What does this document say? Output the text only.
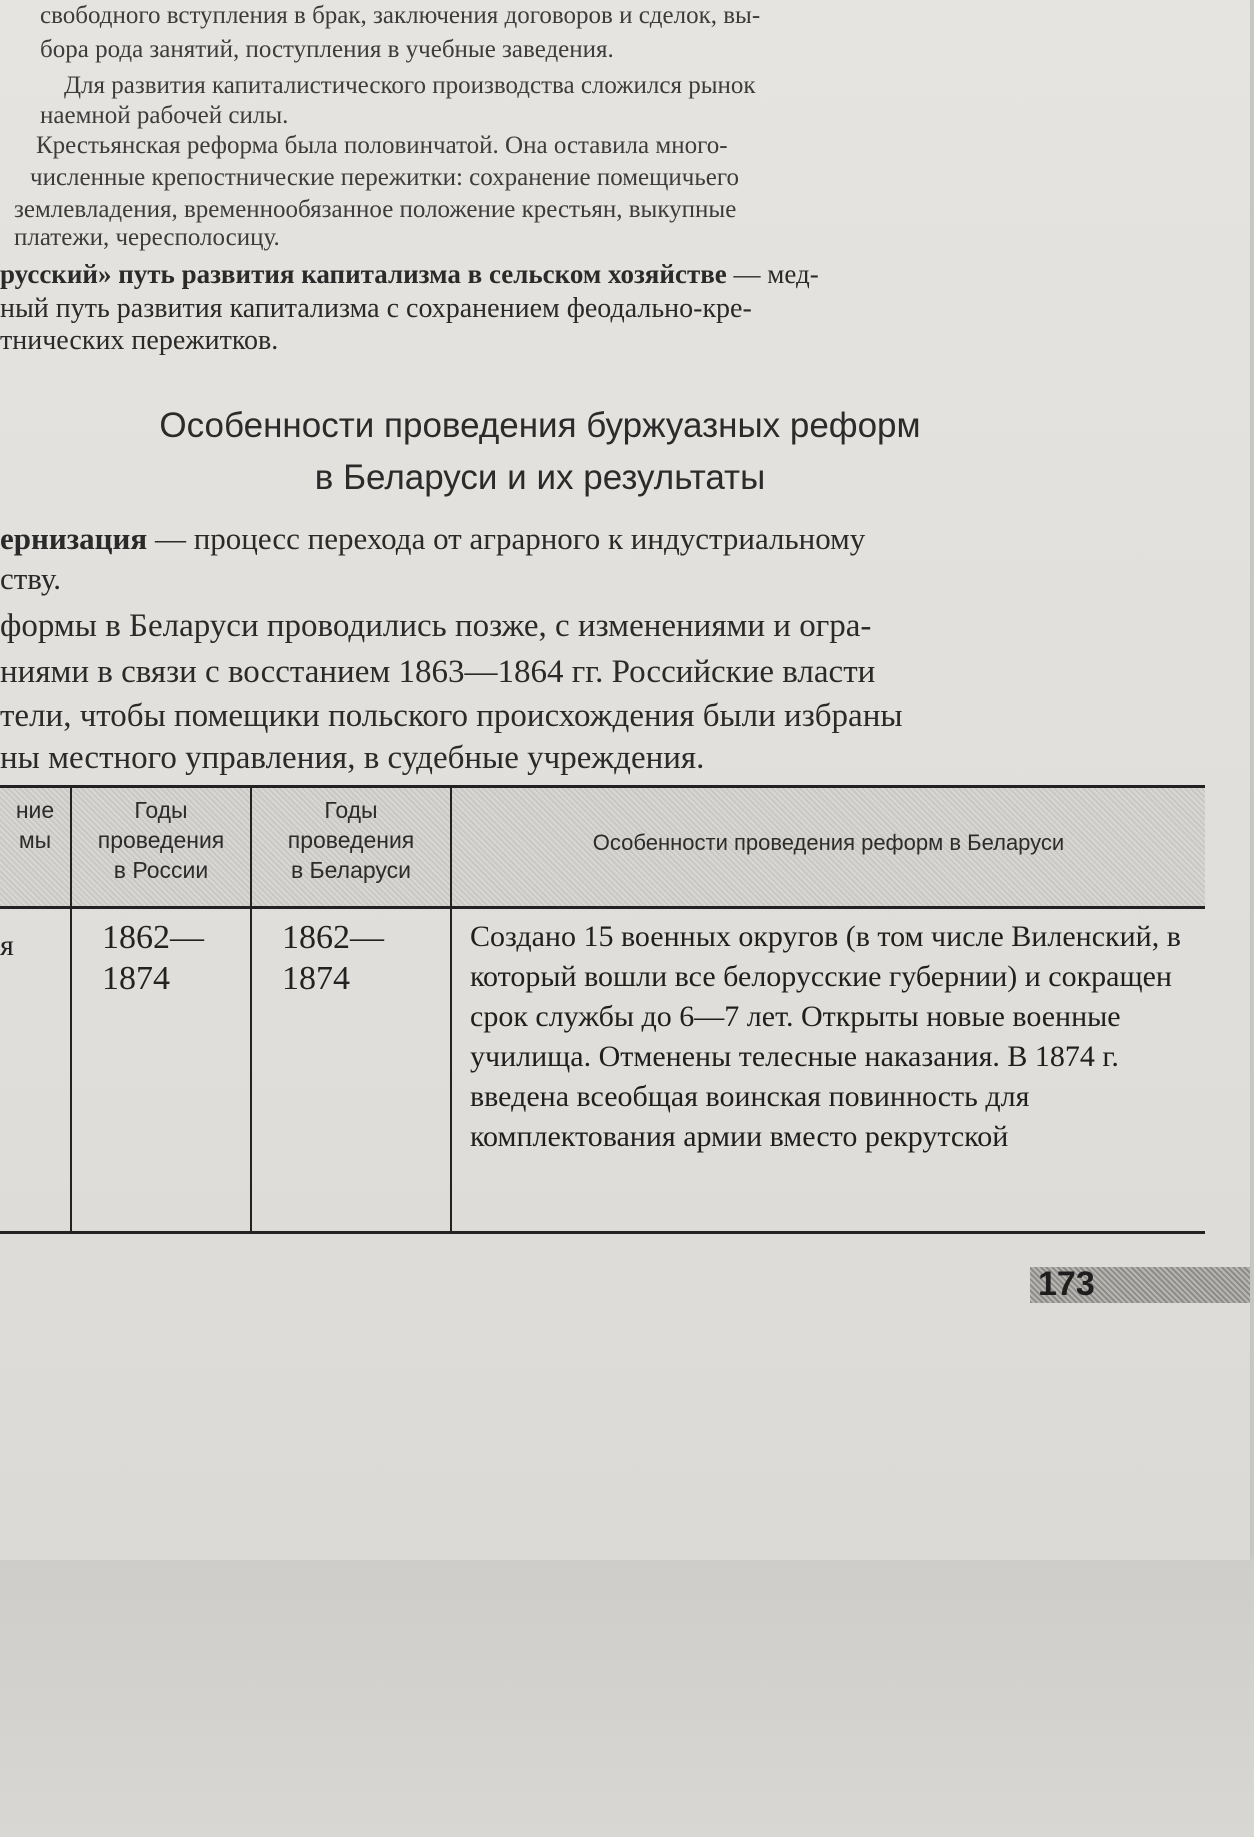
свободного вступления в брак, заключения договоров и сделок, вы-
бора рода занятий, поступления в учебные заведения.
Для развития капиталистического производства сложился рынок
наемной рабочей силы.
Крестьянская реформа была половинчатой. Она оставила много-
численные крепостнические пережитки: сохранение помещичьего
землевладения, временнообязанное положение крестьян, выкупные
платежи, чересполосицу.
русский» путь развития капитализма в сельском хозяйстве — мед-
ный путь развития капитализма с сохранением феодально-кре-
тнических пережитков.
Особенности проведения буржуазных реформ
в Беларуси и их результаты
ернизация — процесс перехода от аграрного к индустриальному
ству.
формы в Беларуси проводились позже, с изменениями и огра-
ниями в связи с восстанием 1863—1864 гг. Российские власти
тели, чтобы помещики польского происхождения были избраны
ны местного управления, в судебные учреждения.
ние
мы
Годы
проведения
в России
Годы
проведения
в Беларуси
Особенности проведения реформ в Беларуси
я	1862—
1874
1862—
1874
Создано 15 военных округов (в том числе Виленский, в который вошли все белорусские губернии) и сокращен срок службы до 6—7 лет. Открыты новые военные училища. Отменены телесные наказания. В 1874 г. введена всеобщая воинская повинность для комплектования армии вместо рекрутской
173
